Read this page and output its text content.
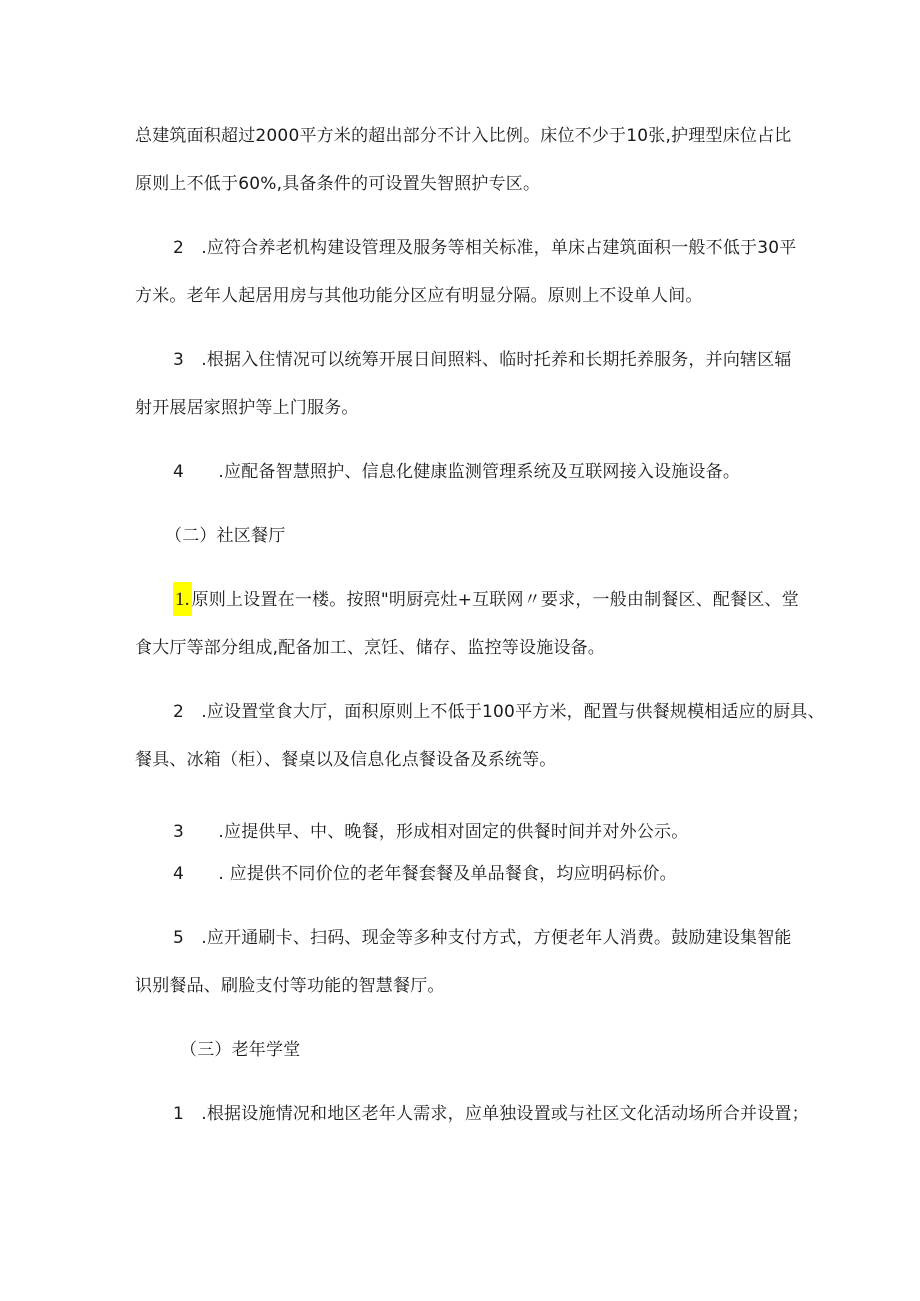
总建筑面积超过2000平方米的超出部分不计入比例。床位不少于10张,护理型床位占比
原则上不低于60%,具备条件的可设置失智照护专区。
2　.应符合养老机构建设管理及服务等相关标准，单床占建筑面积一般不低于30平
方米。老年人起居用房与其他功能分区应有明显分隔。原则上不设单人间。
3　.根据入住情况可以统筹开展日间照料、临时托养和长期托养服务，并向辖区辐
射开展居家照护等上门服务。
4　　.应配备智慧照护、信息化健康监测管理系统及互联网接入设施设备。
（二）社区餐厅
1. 原则上设置在一楼。按照"明厨亮灶+互联网〃要求，一般由制餐区、配餐区、堂
食大厅等部分组成,配备加工、烹饪、储存、监控等设施设备。
2　.应设置堂食大厅，面积原则上不低于100平方米，配置与供餐规模相适应的厨具、
餐具、冰箱（柜）、餐桌以及信息化点餐设备及系统等。
3　　.应提供早、中、晚餐，形成相对固定的供餐时间并对外公示。
4　　. 应提供不同价位的老年餐套餐及单品餐食，均应明码标价。
5　.应开通刷卡、扫码、现金等多种支付方式，方便老年人消费。鼓励建设集智能
识别餐品、刷脸支付等功能的智慧餐厅。
（三）老年学堂
1　.根据设施情况和地区老年人需求，应单独设置或与社区文化活动场所合并设置；
